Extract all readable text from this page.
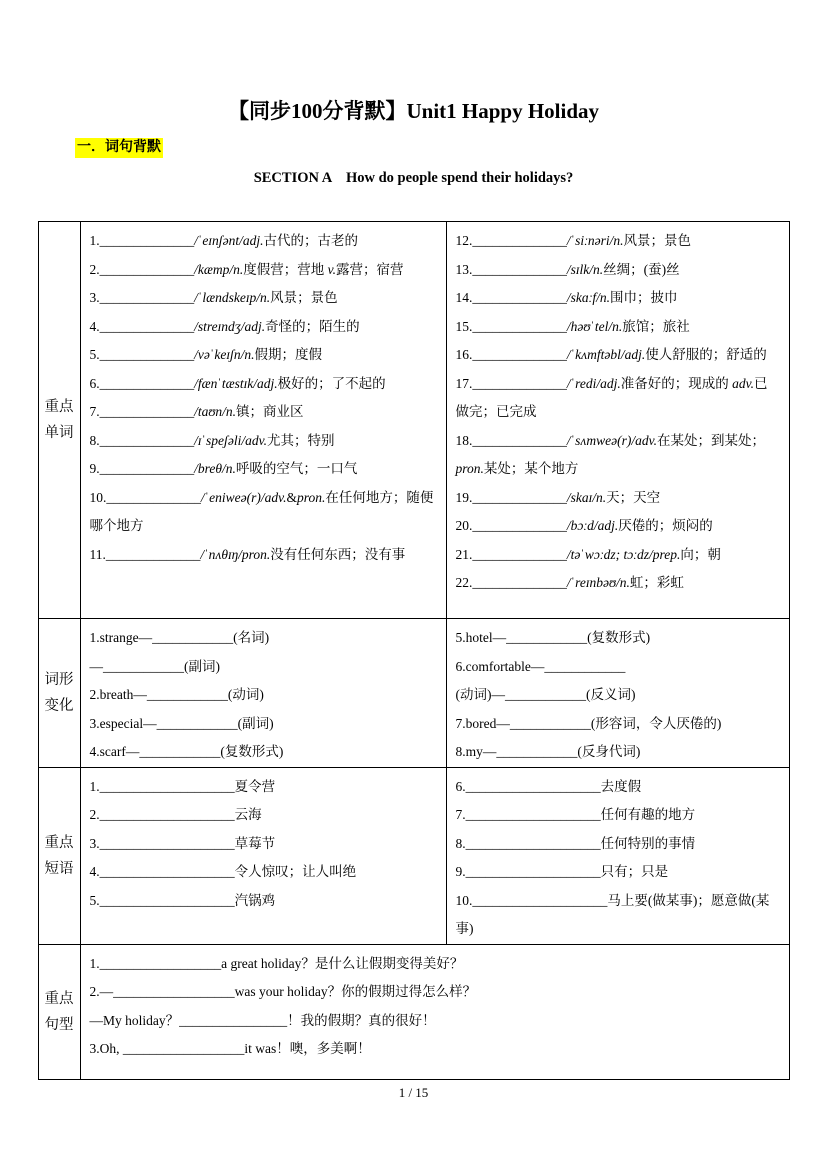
【同步100分背默】Unit1 Happy Holiday
一．词句背默
SECTION A    How do people spend their holidays?
重点单词	
1.______________/ˈeɪnʃənt/adj.古代的；古老的
2.______________/kæmp/n.度假营；营地 v.露营；宿营
3.______________/ˈlændskeɪp/n.风景；景色
4.______________/streɪndʒ/adj.奇怪的；陌生的
5.______________/vəˈkeɪʃn/n.假期；度假
6.______________/fænˈtæstɪk/adj.极好的；了不起的
7.______________/taʊn/n.镇；商业区
8.______________/ɪˈspeʃəli/adv.尤其；特别
9.______________/breθ/n.呼吸的空气；一口气
10.______________/ˈeniweə(r)/adv.&pron.在任何地方；随便哪个地方
11.______________/ˈnʌθɪŋ/pron.没有任何东西；没有事

12.______________/ˈsiːnəri/n.风景；景色
13.______________/sɪlk/n.丝绸；(蚕)丝
14.______________/skɑːf/n.围巾；披巾
15.______________/həʊˈtel/n.旅馆；旅社
16.______________/ˈkʌmftəbl/adj.使人舒服的；舒适的
17.______________/ˈredi/adj.准备好的；现成的 adv.已做完；已完成
18.______________/ˈsʌmweə(r)/adv.在某处；到某处；pron.某处；某个地方
19.______________/skaɪ/n.天；天空
20.______________/bɔːd/adj.厌倦的；烦闷的
21.______________/təˈwɔːdz; tɔːdz/prep.向；朝
22.______________/ˈreɪnbəʊ/n.虹；彩虹

词形变化	
1.strange—____________(名词)
—____________(副词)
2.breath—____________(动词)
3.especial—____________(副词)
4.scarf—____________(复数形式)

5.hotel—____________(复数形式)
6.comfortable—____________
(动词)—____________(反义词)
7.bored—____________(形容词，令人厌倦的)
8.my—____________(反身代词)

重点短语	
1.____________________夏令营
2.____________________云海
3.____________________草莓节
4.____________________令人惊叹；让人叫绝
5.____________________汽锅鸡

6.____________________去度假
7.____________________任何有趣的地方
8.____________________任何特别的事情
9.____________________只有；只是
10.____________________马上要(做某事)；愿意做(某事)

重点句型	1.__________________a great holiday？是什么让假期变得美好？
2.—__________________was your holiday？你的假期过得怎么样？
—My holiday？________________！我的假期？真的很好！
3.Oh, __________________it was！噢，多美啊！	
1 / 15
